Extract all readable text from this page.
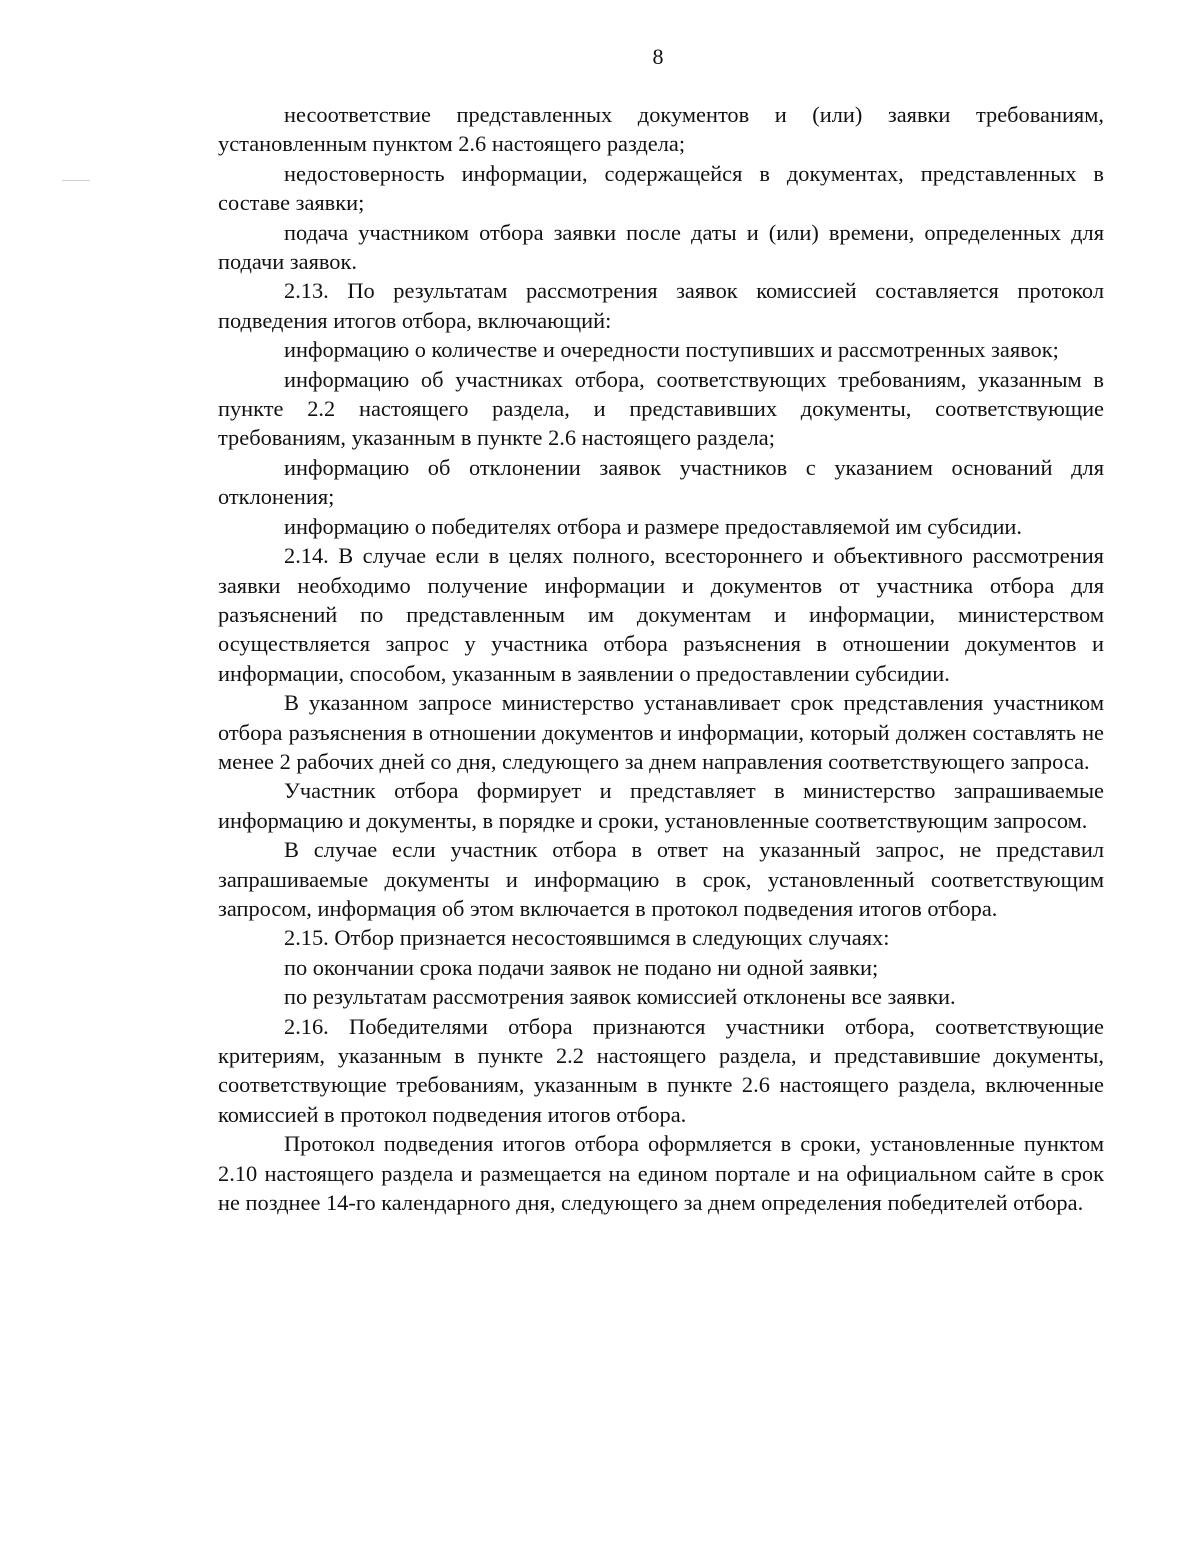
8

несоответствие представленных документов и (или) заявки требованиям, установленным пунктом 2.6 настоящего раздела;

недостоверность информации, содержащейся в документах, представленных в составе заявки;

подача участником отбора заявки после даты и (или) времени, определенных для подачи заявок.

2.13. По результатам рассмотрения заявок комиссией составляется протокол подведения итогов отбора, включающий:

информацию о количестве и очередности поступивших и рассмотренных заявок;

информацию об участниках отбора, соответствующих требованиям, указанным в пункте 2.2 настоящего раздела, и представивших документы, соответствующие требованиям, указанным в пункте 2.6 настоящего раздела;

информацию об отклонении заявок участников с указанием оснований для отклонения;

информацию о победителях отбора и размере предоставляемой им субсидии.

2.14. В случае если в целях полного, всестороннего и объективного рассмотрения заявки необходимо получение информации и документов от участника отбора для разъяснений по представленным им документам и информации, министерством осуществляется запрос у участника отбора разъяснения в отношении документов и информации, способом, указанным в заявлении о предоставлении субсидии.

В указанном запросе министерство устанавливает срок представления участником отбора разъяснения в отношении документов и информации, который должен составлять не менее 2 рабочих дней со дня, следующего за днем направления соответствующего запроса.

Участник отбора формирует и представляет в министерство запрашиваемые информацию и документы, в порядке и сроки, установленные соответствующим запросом.

В случае если участник отбора в ответ на указанный запрос, не представил запрашиваемые документы и информацию в срок, установленный соответствующим запросом, информация об этом включается в протокол подведения итогов отбора.

2.15. Отбор признается несостоявшимся в следующих случаях:

по окончании срока подачи заявок не подано ни одной заявки;

по результатам рассмотрения заявок комиссией отклонены все заявки.

2.16. Победителями отбора признаются участники отбора, соответствующие критериям, указанным в пункте 2.2 настоящего раздела, и представившие документы, соответствующие требованиям, указанным в пункте 2.6 настоящего раздела, включенные комиссией в протокол подведения итогов отбора.

Протокол подведения итогов отбора оформляется в сроки, установленные пунктом 2.10 настоящего раздела и размещается на едином портале и на официальном сайте в срок не позднее 14-го календарного дня, следующего за днем определения победителей отбора.
